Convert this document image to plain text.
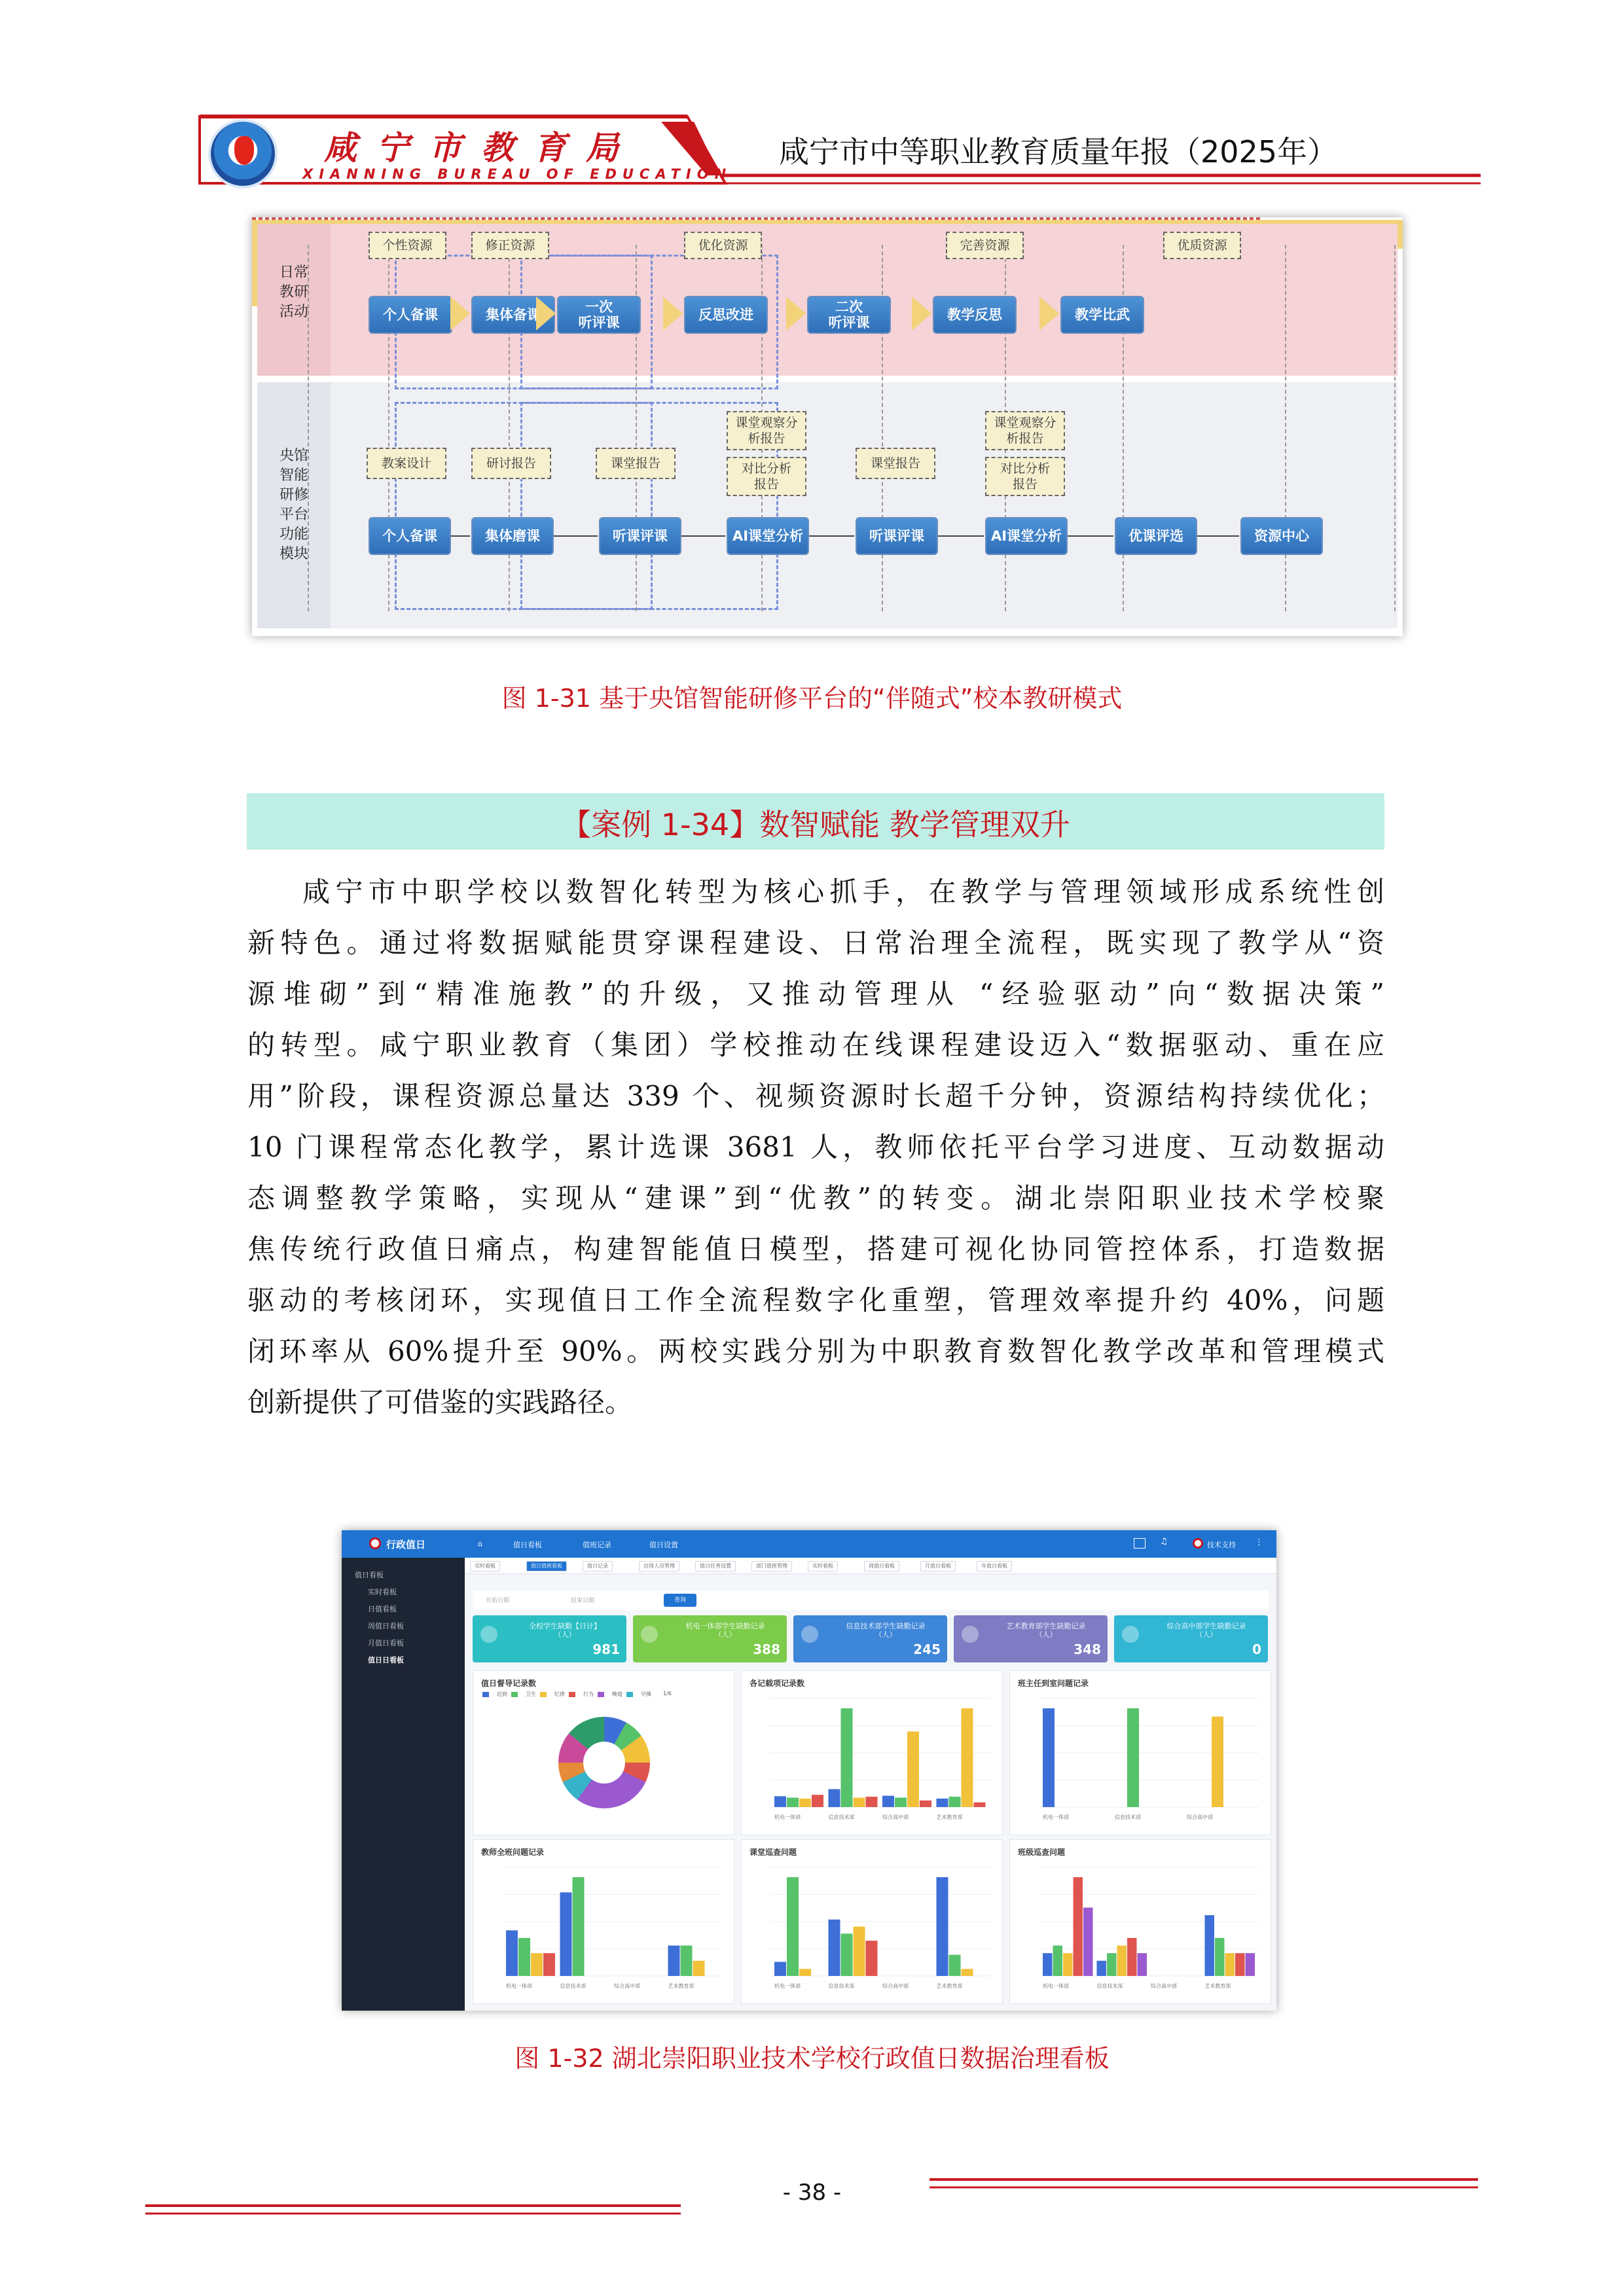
咸宁市教育局
XIANNING BUREAU OF EDUCATION
咸宁市中等职业教育质量年报（2025年）
日常
教研
活动
央馆
智能
研修
平台
功能
模块
个性资源	修正资源	优化资源	完善资源	优质资源
个人备课	集体备课	一次
听评课	反思改进	二次
听评课	教学反思	教学比武
教案设计	研讨报告	课堂报告
课堂观察分
析报告
对比分析
报告
课堂报告
课堂观察分
析报告
对比分析
报告
个人备课	集体磨课	听课评课	AI课堂分析	听课评课	AI课堂分析	优课评选	资源中心
图 1-31 基于央馆智能研修平台的“伴随式”校本教研模式
【案例 1-34】数智赋能 教学管理双升
咸宁市中职学校以数智化转型为核心抓手，在教学与管理领域形成系统性创
新特色。通过将数据赋能贯穿课程建设、日常治理全流程，既实现了教学从“资
源堆砌”到“精准施教”的升级，又推动管理从 “经验驱动”向“数据决策”
的转型。咸宁职业教育（集团）学校推动在线课程建设迈入“数据驱动、重在应
用”阶段，课程资源总量达 339 个、视频资源时长超千分钟，资源结构持续优化；
10 门课程常态化教学，累计选课 3681 人，教师依托平台学习进度、互动数据动
态调整教学策略，实现从“建课”到“优教”的转变。湖北崇阳职业技术学校聚
焦传统行政值日痛点，构建智能值日模型，搭建可视化协同管控体系，打造数据
驱动的考核闭环，实现值日工作全流程数字化重塑，管理效率提升约 40%，问题
闭环率从 60%提升至 90%。两校实践分别为中职教育数智化教学改革和管理模式
创新提供了可借鉴的实践路径。
行政值日	⌂	值日看板	值班记录	值日设置	♫	技术支持 ⋮
实时看板	值日值班看板	值日记录	出现人员管理	值日任务设置	部门值班管理	实时看板	周值日看板	月值日看板	年值日看板
值日看板
实时看板
日值看板
周值日看板
月值日看板
值日日看板
开始日期	结束日期	查询
全校学生缺勤【日计】
（人）
981
机电一体部学生缺勤记录
（人）
388
信息技术部学生缺勤记录
（人）
245
艺术教育部学生缺勤记录
（人）
348
综合高中部学生缺勤记录
（人）
0
值日督导记录数
迟到	卫生	纪律	行为	晚寝	早操 1/6
各记载项记录数
机电一体部	信息技术部	综合高中部	艺术教育部
班主任到室问题记录
机电一体部	信息技术部	综合高中部
教师全班问题记录
机电一体部	信息技术部	综合高中部	艺术教育部
课堂巡查问题
机电一体部	信息技术部	综合高中部	艺术教育部
班级巡查问题
机电一体部	信息技术部	综合高中部	艺术教育部
图 1-32 湖北崇阳职业技术学校行政值日数据治理看板
- 38 -
